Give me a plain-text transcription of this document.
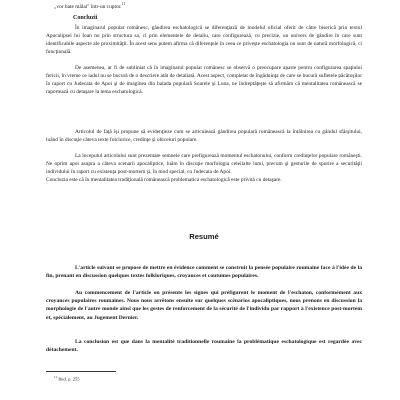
„vor bate mâlai" într-un cuptor.$^{11}$
Concluzii

În imaginarul popular românesc, gândirea eschatologică se diferenţiază de modelul oficial oferit de către biserică prin textul Apocalipsei lui Ioan nu prin structura sa, ci prin elementele de detaliu, care configurează, cu precizie, un univers de gândire în care sunt identificabile aspecte ale proximităţii. În acest sens putem afirma că diferenţele în ceea ce priveşte eschatologia nu sunt de natură morfologică, ci funcţională.

De asemenea, ar fi de subliniat că în imaginarul popular românesc se observă o preocupare aparte pentru configurarea spaţiului fericii, în vreme ce iadul nu se bucură de o descriere atât de detaliată. Acest aspect, completat de îngăduinţa de care se bucură sufletele păcătoşilor în raport cu Judecata de Apoi şi de imaginea din balada populară Soarele şi Luna, ne îndreptăţeşte să afirmăm că mentalitatea românească se raportează cu detaşare la tema eschatologică.

Articolul de faţă îşi propune să evidenţieze cum se articulează gândirea populară românească la întâlnirea cu gândul sfârşitului, luând în discuţie câteva texte folclorice, credinţe şi obiceiuri populare.

La începutul articolului sunt prezentate semnele care prefigurează momentul eschatonului, conform credinţelor populare româneşti. Ne oprim apoi asupra a câteva scenarii apocaliptice, luăm în discuţie morfologia celeilalte lumi, precum şi gesturile de sporire a securităţii individului în raport cu existenţa post-mortem şi, în mod special, cu Judecata de Apoi.

Concluzia este că în mentalitatea tradiţională românească problematica eschatologică este privită cu detaşare.

Resumé

L'article suivant se propose de mettre en évidence comment se construit la pensée populaire roumaine face à l'idée de la fin, prenant en discussion quelques textes folkloriques, croyances et coutumes populaires.

Au commencement de l'article on présente les signes qui préfigurent le moment de l'eschaton, conformément aux croyances populaires roumaines. Nous nous arrêtons ensuite sur quelques scénarios apocaliptiques, nous prenons en discussion la morphologie de l'autre monde ainsi que les gestes de renforcement de la sécurité de l'individu par rapport à l'existence post-mortem et, spécialement, au Jugement Dernier.

La conclusion est que dans la mentalité traditionnelle roumaine la problématique eschatologique est regardée avec détachement.

$^{11}$ Ibid. p. 255
